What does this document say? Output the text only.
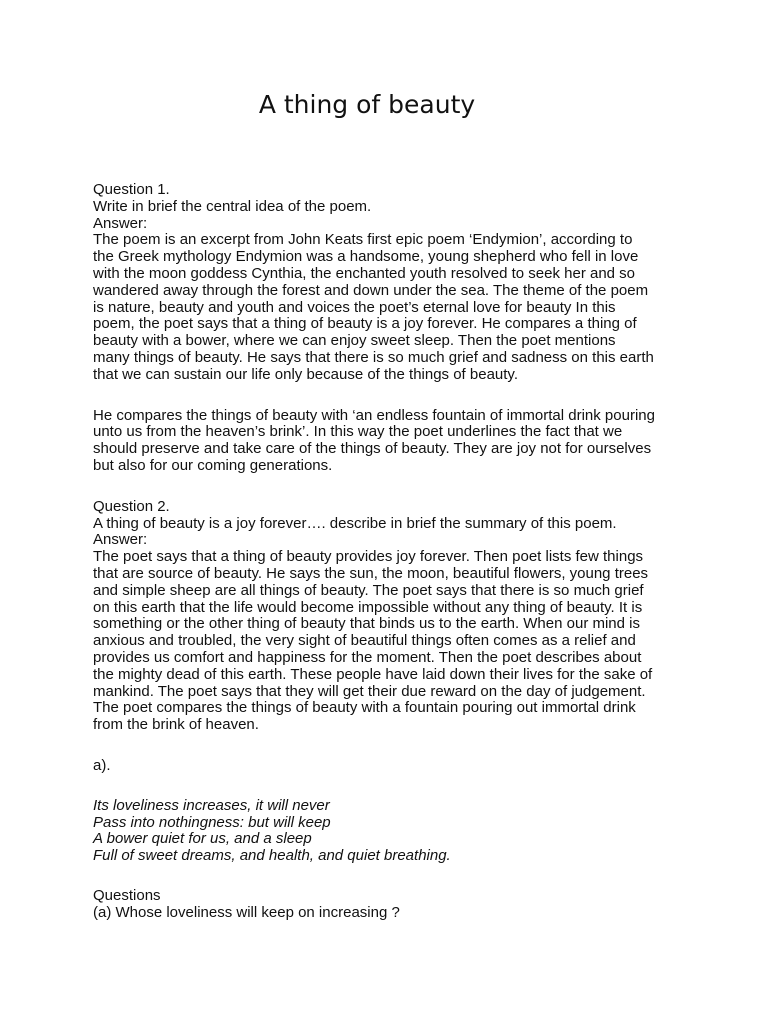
A thing of beauty
Question 1.
Write in brief the central idea of the poem.
Answer:
The poem is an excerpt from John Keats first epic poem ‘Endymion’, according to
the Greek mythology Endymion was a handsome, young shepherd who fell in love
with the moon goddess Cynthia, the enchanted youth resolved to seek her and so
wandered away through the forest and down under the sea. The theme of the poem
is nature, beauty and youth and voices the poet’s eternal love for beauty In this
poem, the poet says that a thing of beauty is a joy forever. He compares a thing of
beauty with a bower, where we can enjoy sweet sleep. Then the poet mentions
many things of beauty. He says that there is so much grief and sadness on this earth
that we can sustain our life only because of the things of beauty.
He compares the things of beauty with ‘an endless fountain of immortal drink pouring
unto us from the heaven’s brink’. In this way the poet underlines the fact that we
should preserve and take care of the things of beauty. They are joy not for ourselves
but also for our coming generations.
Question 2.
A thing of beauty is a joy forever…. describe in brief the summary of this poem.
Answer:
The poet says that a thing of beauty provides joy forever. Then poet lists few things
that are source of beauty. He says the sun, the moon, beautiful flowers, young trees
and simple sheep are all things of beauty. The poet says that there is so much grief
on this earth that the life would become impossible without any thing of beauty. It is
something or the other thing of beauty that binds us to the earth. When our mind is
anxious and troubled, the very sight of beautiful things often comes as a relief and
provides us comfort and happiness for the moment. Then the poet describes about
the mighty dead of this earth. These people have laid down their lives for the sake of
mankind. The poet says that they will get their due reward on the day of judgement.
The poet compares the things of beauty with a fountain pouring out immortal drink
from the brink of heaven.
a).
Its loveliness increases, it will never
Pass into nothingness: but will keep
A bower quiet for us, and a sleep
Full of sweet dreams, and health, and quiet breathing.
Questions
(a) Whose loveliness will keep on increasing ?
